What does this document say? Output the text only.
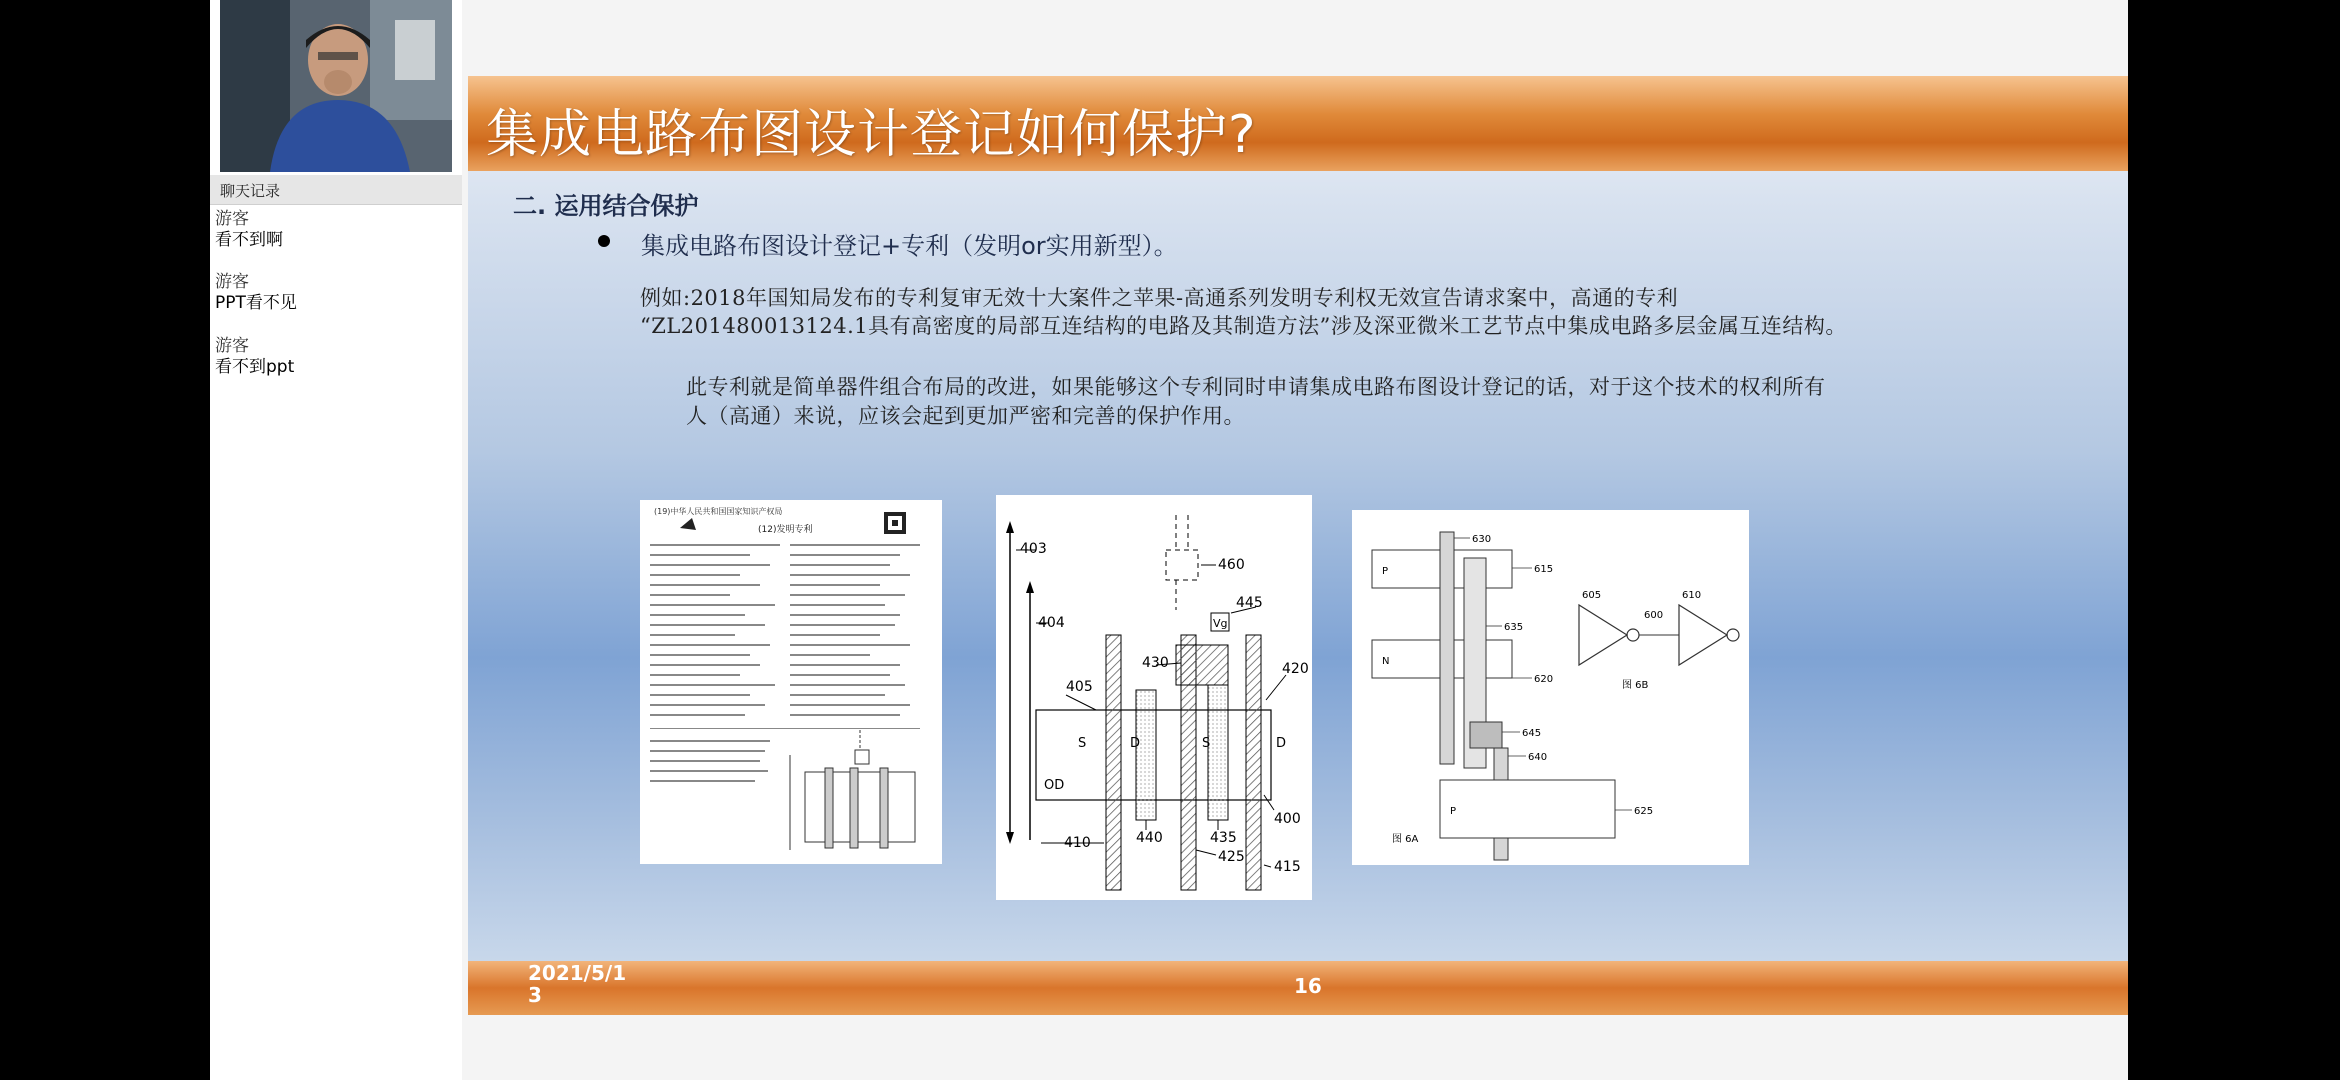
聊天记录
游客
看不到啊
游客
PPT看不见
游客
看不到ppt
集成电路布图设计登记如何保护?
二. 运用结合保护
集成电路布图设计登记+专利（发明or实用新型）。
例如:2018年国知局发布的专利复审无效十大案件之苹果-高通系列发明专利权无效宣告请求案中，高通的专利
“ZL201480013124.1具有高密度的局部互连结构的电路及其制造方法”涉及深亚微米工艺节点中集成电路多层金属互连结构。
此专利就是简单器件组合布局的改进，如果能够这个专利同时申请集成电路布图设计登记的话，对于这个技术的权利所有
人（高通）来说，应该会起到更加严密和完善的保护作用。
(19)中华人民共和国国家知识产权局
(12)发明专利
403
460
404
445
Vg
430	420
405
S	D	S	D
OD
440	435
400
410
425
415
630
P	615
635
605
600
610
N
620
图 6B
645
640
P	625
图 6A
2021/5/1
3	16
